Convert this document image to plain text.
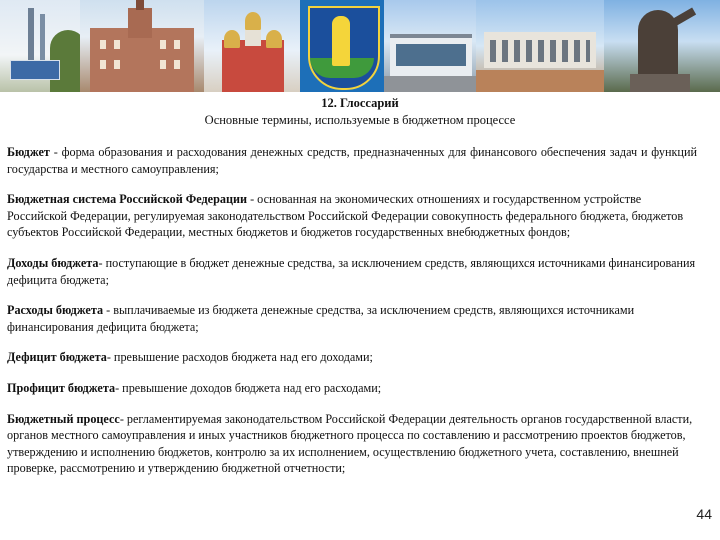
12. Глоссарий
Основные термины, используемые в бюджетном процессе
Бюджет - форма образования и расходования денежных средств, предназначенных для финансового обеспечения задач и функций государства и местного самоуправления;
Бюджетная система Российской Федерации - основанная на экономических отношениях и государственном устройстве Российской Федерации, регулируемая законодательством Российской Федерации совокупность федерального бюджета, бюджетов субъектов Российской Федерации, местных бюджетов и бюджетов государственных внебюджетных фондов;
Доходы бюджета- поступающие в бюджет денежные средства, за исключением средств, являющихся источниками финансирования дефицита бюджета;
Расходы бюджета - выплачиваемые из бюджета денежные средства, за исключением средств, являющихся источниками финансирования дефицита бюджета;
Дефицит бюджета- превышение расходов бюджета над его доходами;
Профицит бюджета- превышение доходов бюджета над его расходами;
Бюджетный процесс- регламентируемая законодательством Российской Федерации деятельность органов государственной власти, органов местного самоуправления и иных участников бюджетного процесса по составлению и рассмотрению проектов бюджетов, утверждению и исполнению бюджетов, контролю за их исполнением, осуществлению бюджетного учета, составлению, внешней проверке, рассмотрению и утверждению бюджетной отчетности;
44
